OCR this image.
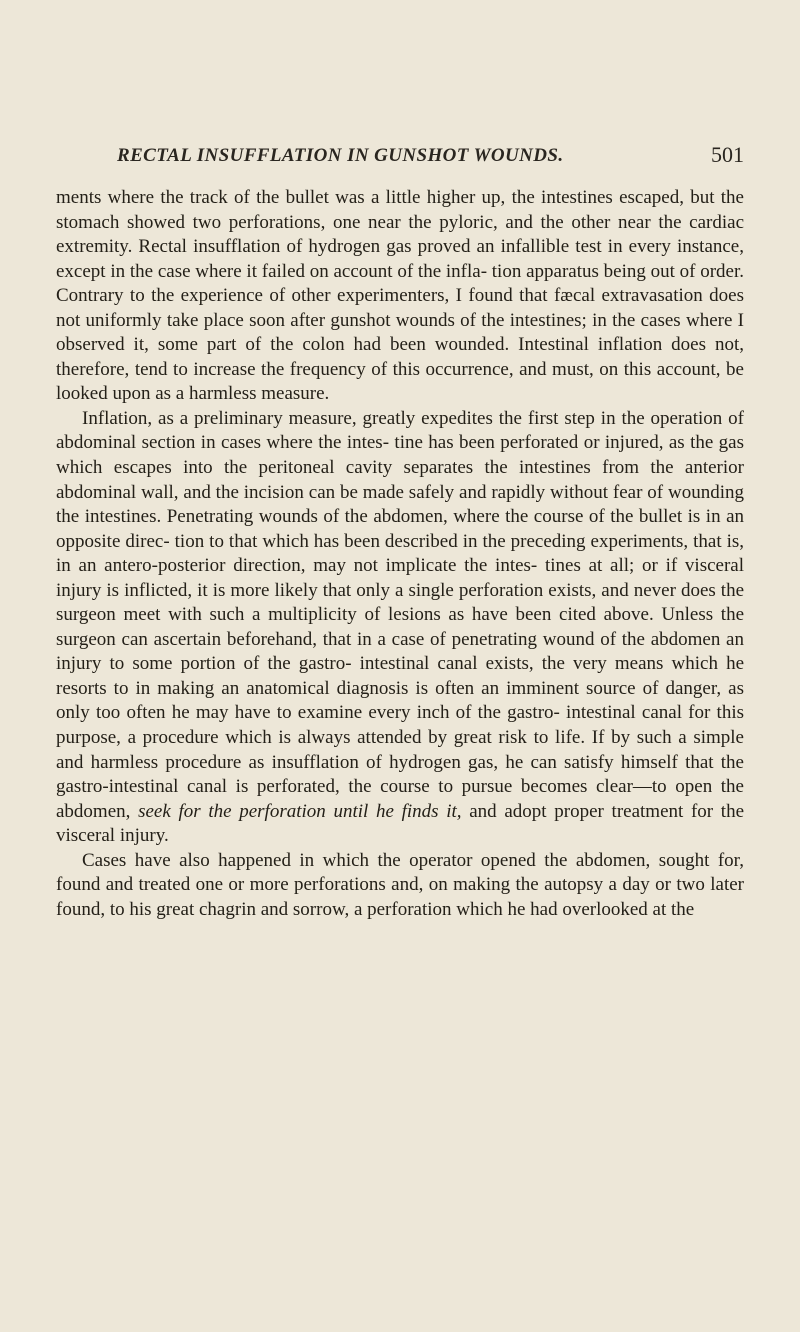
RECTAL INSUFFLATION IN GUNSHOT WOUNDS.	501

ments where the track of the bullet was a little higher up, the intestines escaped, but the stomach showed two perforations, one near the pyloric, and the other near the cardiac extremity. Rectal insufflation of hydrogen gas proved an infallible test in every instance, except in the case where it failed on account of the infla- tion apparatus being out of order. Contrary to the experience of other experimenters, I found that fæcal extravasation does not uniformly take place soon after gunshot wounds of the intestines; in the cases where I observed it, some part of the colon had been wounded. Intestinal inflation does not, therefore, tend to increase the frequency of this occurrence, and must, on this account, be looked upon as a harmless measure.

Inflation, as a preliminary measure, greatly expedites the first step in the operation of abdominal section in cases where the intes- tine has been perforated or injured, as the gas which escapes into the peritoneal cavity separates the intestines from the anterior abdominal wall, and the incision can be made safely and rapidly without fear of wounding the intestines. Penetrating wounds of the abdomen, where the course of the bullet is in an opposite direc- tion to that which has been described in the preceding experiments, that is, in an antero-posterior direction, may not implicate the intes- tines at all; or if visceral injury is inflicted, it is more likely that only a single perforation exists, and never does the surgeon meet with such a multiplicity of lesions as have been cited above. Unless the surgeon can ascertain beforehand, that in a case of penetrating wound of the abdomen an injury to some portion of the gastro- intestinal canal exists, the very means which he resorts to in making an anatomical diagnosis is often an imminent source of danger, as only too often he may have to examine every inch of the gastro- intestinal canal for this purpose, a procedure which is always attended by great risk to life. If by such a simple and harmless procedure as insufflation of hydrogen gas, he can satisfy himself that the gastro-intestinal canal is perforated, the course to pursue becomes clear—to open the abdomen, seek for the perforation until he finds it, and adopt proper treatment for the visceral injury.

Cases have also happened in which the operator opened the abdomen, sought for, found and treated one or more perforations and, on making the autopsy a day or two later found, to his great chagrin and sorrow, a perforation which he had overlooked at the
